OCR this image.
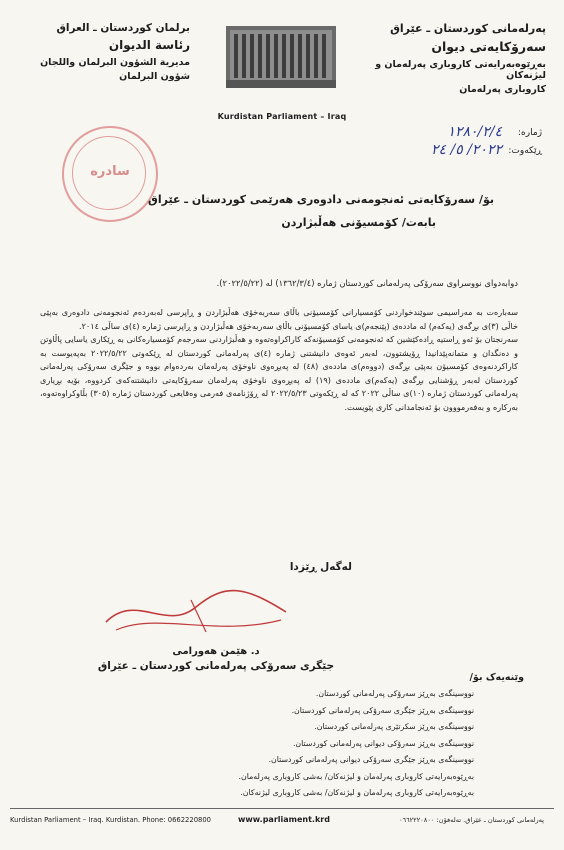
پەرلەمانی کوردستان ـ عێراق
سەرۆکایەتی دیوان
بەڕێوەبەرایەتی کاروباری پەرلەمان و لیژنەکان
کاروباری پەرلەمان
Kurdistan Parliament – Iraq
برلمان كوردستان ـ العراق
رئاسة الديوان
مديرية الشؤون البرلمان واللجان
شؤون البرلمان
ژمارە:
١٢٨٠/٢/٤
ڕێکەوت:
٢٠٢٢/ ٥/ ٢٤
سادرە
بۆ/ سەرۆکایەتی ئەنجومەنی دادوەری هەرێمی کوردستان ـ عێراق
بابەت/ کۆمسیۆنی هەڵبژاردن
دوابەدوای نووسراوی سەرۆکی پەرلەمانی کوردستان ژمارە (١٣٦٢/٣/٤) لە (٢٠٢٢/٥/٢٢).

سەبارەت بە مەراسیمی سوێندخواردنی کۆمسیارانی کۆمسیۆنی باڵای سەربەخۆی هەڵبژاردن و ڕاپرسی لەبەردەم ئەنجومەنی دادوەری بەپێی خاڵی (٣)ی بڕگەی (یەکەم) لە ماددەی (پێنجەم)ی یاسای کۆمسیۆنی باڵای سەربەخۆی هەڵبژاردن و ڕاپرسی ژمارە (٤)ی ساڵی ٢٠١٤.

سەرنجتان بۆ ئەو ڕاستیە ڕادەکێشین کە ئەنجومەنی کۆمسیۆنەکە کاراکراوەتەوە و هەڵبژاردنی سەرجەم کۆمسیارەکانی بە ڕێکاری یاسایی پاڵاوتن و دەنگدان و متمانەپێدانیدا ڕۆیشتوون، لەبەر ئەوەی دانیشتنی ژمارە (٤)ی پەرلەمانی کوردستان لە ڕێکەوتی ٢٠٢٢/٥/٢٢ بەپەیوست بە کاراکردنەوەی کۆمسیۆن بەپێی بڕگەی (دووەم)ی ماددەی (٤٨) لە پەیڕەوی ناوخۆی پەرلەمان بەردەوام بووە و جێگری سەرۆکی پەرلەمانی کوردستان لەبەر ڕۆشنایی بڕگەی (یەکەم)ی ماددەی (١٩) لە پەیڕەوی ناوخۆی پەرلەمان سەرۆکایەتی دانیشتنەکەی کردووە، بۆیە بڕیاری پەرلەمانی کوردستان ژمارە (١٠)ی ساڵی ٢٠٢٢ کە لە ڕێکەوتی ٢٠٢٢/٥/٢٣ لە ڕۆژنامەی فەرمی وەقایعی کوردستان ژمارە (٣٠٥) بڵاوکراوەتەوە، بەرکارە و بەفەرمووون بۆ ئەنجامدانی کاری پێویست.

لەگەل ڕێزدا
د. هێمن هەورامی
جێگری سەرۆکی پەرلەمانی کوردستان ـ عێراق
وێنەیەک بۆ/
نووسینگەی بەڕێز سەرۆکی پەرلەمانی کوردستان.
نووسینگەی بەڕێز جێگری سەرۆکی پەرلەمانی کوردستان.
نووسینگەی بەڕێز سکرتێری پەرلەمانی کوردستان.
نووسینگەی بەڕێز سەرۆکی دیوانی پەرلەمانی کوردستان.
نووسینگەی بەڕێز جێگری سەرۆکی دیوانی پەرلەمانی کوردستان.
بەڕێوەبەرایەتی کاروباری پەرلەمان و لیژنەکان/ بەشی کاروباری پەرلەمان.
بەڕێوەبەرایەتی کاروباری پەرلەمان و لیژنەکان/ بەشی کاروباری لیژنەکان.
Kurdistan Parliament – Iraq. Kurdistan. Phone: 0662220800	www.parliament.krd	پەرلەمانی کوردستان ـ عێراق. تەلەفۆن: ٠٦٦٢٢٢٠٨٠٠
